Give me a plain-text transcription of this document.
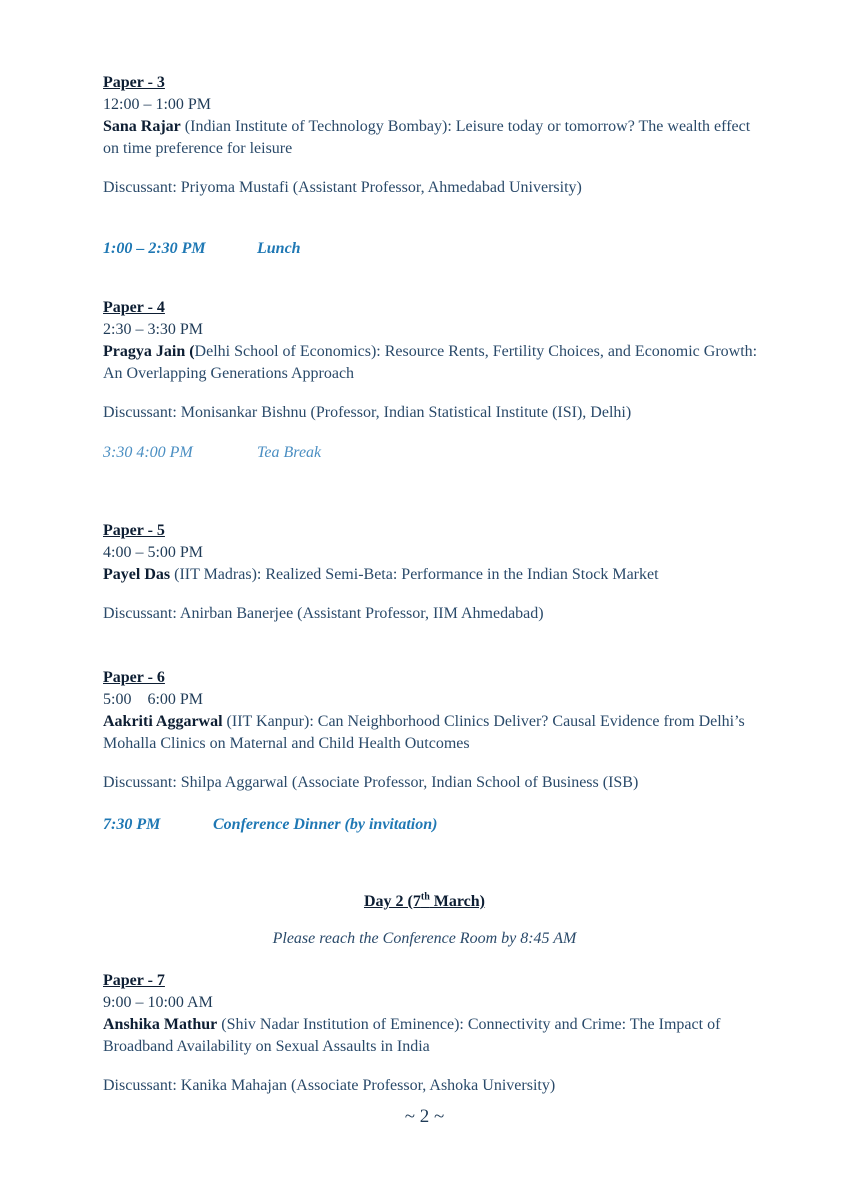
Paper - 3
12:00 – 1:00 PM
Sana Rajar (Indian Institute of Technology Bombay): Leisure today or tomorrow? The wealth effect on time preference for leisure
Discussant: Priyoma Mustafi (Assistant Professor, Ahmedabad University)
1:00 – 2:30 PM	Lunch
Paper - 4
2:30 – 3:30 PM
Pragya Jain (Delhi School of Economics): Resource Rents, Fertility Choices, and Economic Growth: An Overlapping Generations Approach
Discussant: Monisankar Bishnu (Professor, Indian Statistical Institute (ISI), Delhi)
3:30 4:00 PM	Tea Break
Paper - 5
4:00 – 5:00 PM
Payel Das (IIT Madras): Realized Semi-Beta: Performance in the Indian Stock Market
Discussant: Anirban Banerjee (Assistant Professor, IIM Ahmedabad)
Paper - 6
5:00    6:00 PM
Aakriti Aggarwal (IIT Kanpur): Can Neighborhood Clinics Deliver? Causal Evidence from Delhi’s Mohalla Clinics on Maternal and Child Health Outcomes
Discussant: Shilpa Aggarwal (Associate Professor, Indian School of Business (ISB)
7:30 PM	Conference Dinner (by invitation)
Day 2 (7th March)
Please reach the Conference Room by 8:45 AM
Paper - 7
9:00 – 10:00 AM
Anshika Mathur (Shiv Nadar Institution of Eminence): Connectivity and Crime: The Impact of Broadband Availability on Sexual Assaults in India
Discussant: Kanika Mahajan (Associate Professor, Ashoka University)
~ 2 ~
